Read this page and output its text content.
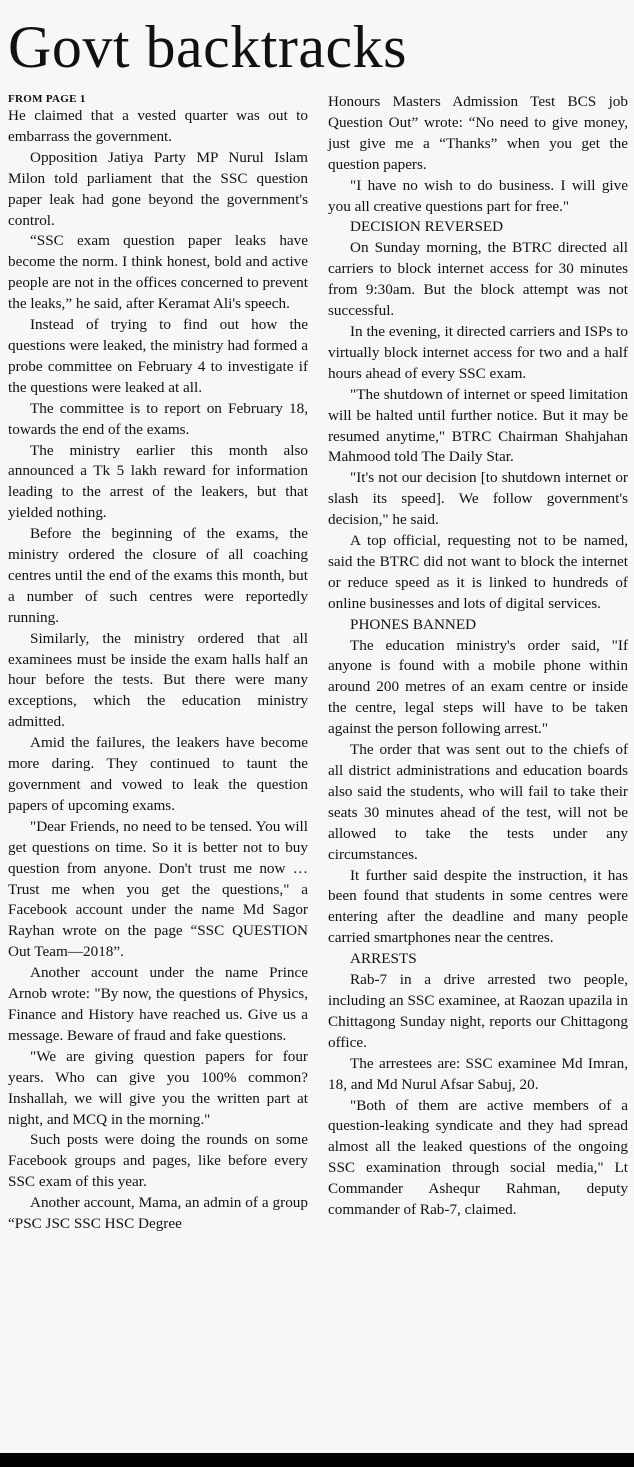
Govt backtracks
FROM PAGE 1

He claimed that a vested quarter was out to embarrass the government.

Opposition Jatiya Party MP Nurul Islam Milon told parliament that the SSC question paper leak had gone beyond the government's control.

“SSC exam question paper leaks have become the norm. I think honest, bold and active people are not in the offices concerned to prevent the leaks,” he said, after Keramat Ali's speech.

Instead of trying to find out how the questions were leaked, the ministry had formed a probe committee on February 4 to investigate if the questions were leaked at all.

The committee is to report on February 18, towards the end of the exams.

The ministry earlier this month also announced a Tk 5 lakh reward for information leading to the arrest of the leakers, but that yielded nothing.

Before the beginning of the exams, the ministry ordered the closure of all coaching centres until the end of the exams this month, but a number of such centres were reportedly running.

Similarly, the ministry ordered that all examinees must be inside the exam halls half an hour before the tests. But there were many exceptions, which the education ministry admitted.

Amid the failures, the leakers have become more daring. They continued to taunt the government and vowed to leak the question papers of upcoming exams.

"Dear Friends, no need to be tensed. You will get questions on time. So it is better not to buy question from anyone. Don't trust me now … Trust me when you get the questions," a Facebook account under the name Md Sagor Rayhan wrote on the page “SSC QUESTION Out Team—2018”.

Another account under the name Prince Arnob wrote: "By now, the questions of Physics, Finance and History have reached us. Give us a message. Beware of fraud and fake questions.

"We are giving question papers for four years. Who can give you 100% common? Inshallah, we will give you the written part at night, and MCQ in the morning."

Such posts were doing the rounds on some Facebook groups and pages, like before every SSC exam of this year.

Another account, Mama, an admin of a group “PSC JSC SSC HSC Degree

Honours Masters Admission Test BCS job Question Out” wrote: “No need to give money, just give me a “Thanks” when you get the question papers.

"I have no wish to do business. I will give you all creative questions part for free."

DECISION REVERSED

On Sunday morning, the BTRC directed all carriers to block internet access for 30 minutes from 9:30am. But the block attempt was not successful.

In the evening, it directed carriers and ISPs to virtually block internet access for two and a half hours ahead of every SSC exam.

"The shutdown of internet or speed limitation will be halted until further notice. But it may be resumed anytime," BTRC Chairman Shahjahan Mahmood told The Daily Star.

"It's not our decision [to shutdown internet or slash its speed]. We follow government's decision," he said.

A top official, requesting not to be named, said the BTRC did not want to block the internet or reduce speed as it is linked to hundreds of online businesses and lots of digital services.

PHONES BANNED

The education ministry's order said, "If anyone is found with a mobile phone within around 200 metres of an exam centre or inside the centre, legal steps will have to be taken against the person following arrest."

The order that was sent out to the chiefs of all district administrations and education boards also said the students, who will fail to take their seats 30 minutes ahead of the test, will not be allowed to take the tests under any circumstances.

It further said despite the instruction, it has been found that students in some centres were entering after the deadline and many people carried smartphones near the centres.

ARRESTS

Rab-7 in a drive arrested two people, including an SSC examinee, at Raozan upazila in Chittagong Sunday night, reports our Chittagong office.

The arrestees are: SSC examinee Md Imran, 18, and Md Nurul Afsar Sabuj, 20.

"Both of them are active members of a question-leaking syndicate and they had spread almost all the leaked questions of the ongoing SSC examination through social media," Lt Commander Ashequr Rahman, deputy commander of Rab-7, claimed.
